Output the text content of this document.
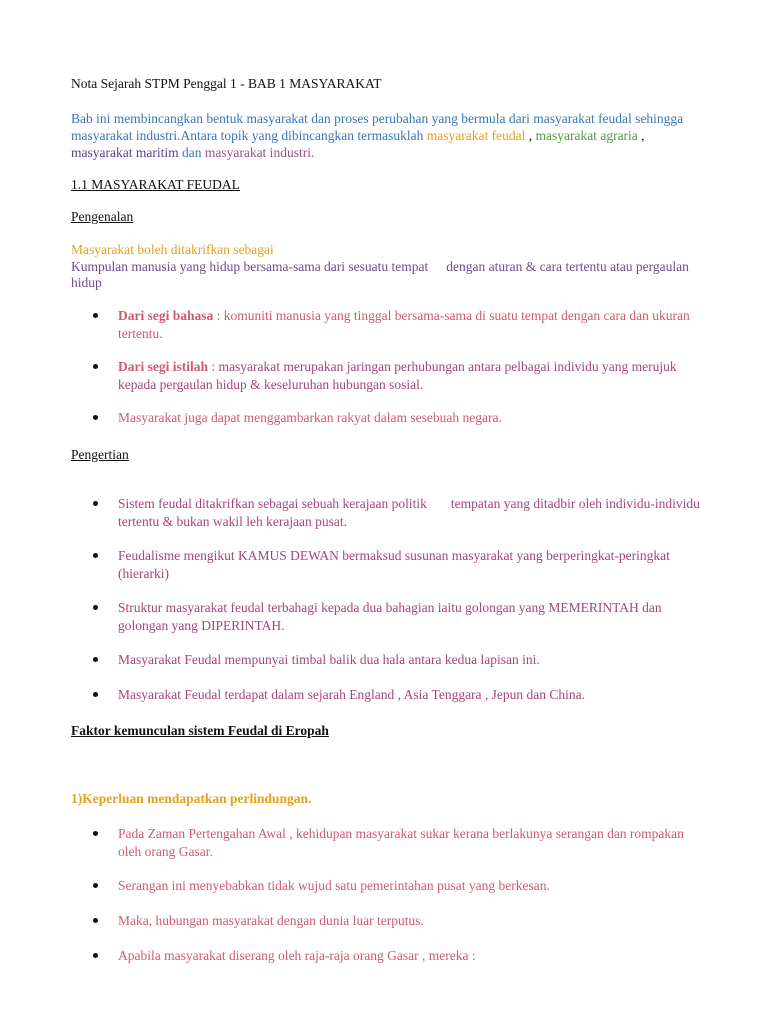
Nota Sejarah STPM Penggal 1 - BAB 1 MASYARAKAT
Bab ini membincangkan bentuk masyarakat dan proses perubahan yang bermula dari masyarakat feudal sehingga
masyarakat industri.Antara topik yang dibincangkan termasuklah masyarakat feudal , masyarakat agraria ,
masyarakat maritim dan masyarakat industri.
1.1 MASYARAKAT FEUDAL
Pengenalan
Masyarakat boleh ditakrifkan sebagai
Kumpulan manusia yang hidup bersama-sama dari sesuatu tempat dengan aturan & cara tertentu atau pergaulan
hidup
Dari segi bahasa : komuniti manusia yang tinggal bersama-sama di suatu tempat dengan cara dan ukuran
tertentu.
Dari segi istilah : masyarakat merupakan jaringan perhubungan antara pelbagai individu yang merujuk
kepada pergaulan hidup & keseluruhan hubungan sosial.
Masyarakat juga dapat menggambarkan rakyat dalam sesebuah negara.
Pengertian
Sistem feudal ditakrifkan sebagai sebuah kerajaan politik tempatan yang ditadbir oleh individu-individu
tertentu & bukan wakil leh kerajaan pusat.
Feudalisme mengikut KAMUS DEWAN bermaksud susunan masyarakat yang berperingkat-peringkat
(hierarki)
Struktur masyarakat feudal terbahagi kepada dua bahagian iaitu golongan yang MEMERINTAH dan
golongan yang DIPERINTAH.
Masyarakat Feudal mempunyai timbal balik dua hala antara kedua lapisan ini.
Masyarakat Feudal terdapat dalam sejarah England , Asia Tenggara , Jepun dan China.
Faktor kemunculan sistem Feudal di Eropah
1)Keperluan mendapatkan perlindungan.
Pada Zaman Pertengahan Awal , kehidupan masyarakat sukar kerana berlakunya serangan dan rompakan
oleh orang Gasar.
Serangan ini menyebabkan tidak wujud satu pemerintahan pusat yang berkesan.
Maka, hubungan masyarakat dengan dunia luar terputus.
Apabila masyarakat diserang oleh raja-raja orang Gasar , mereka :
